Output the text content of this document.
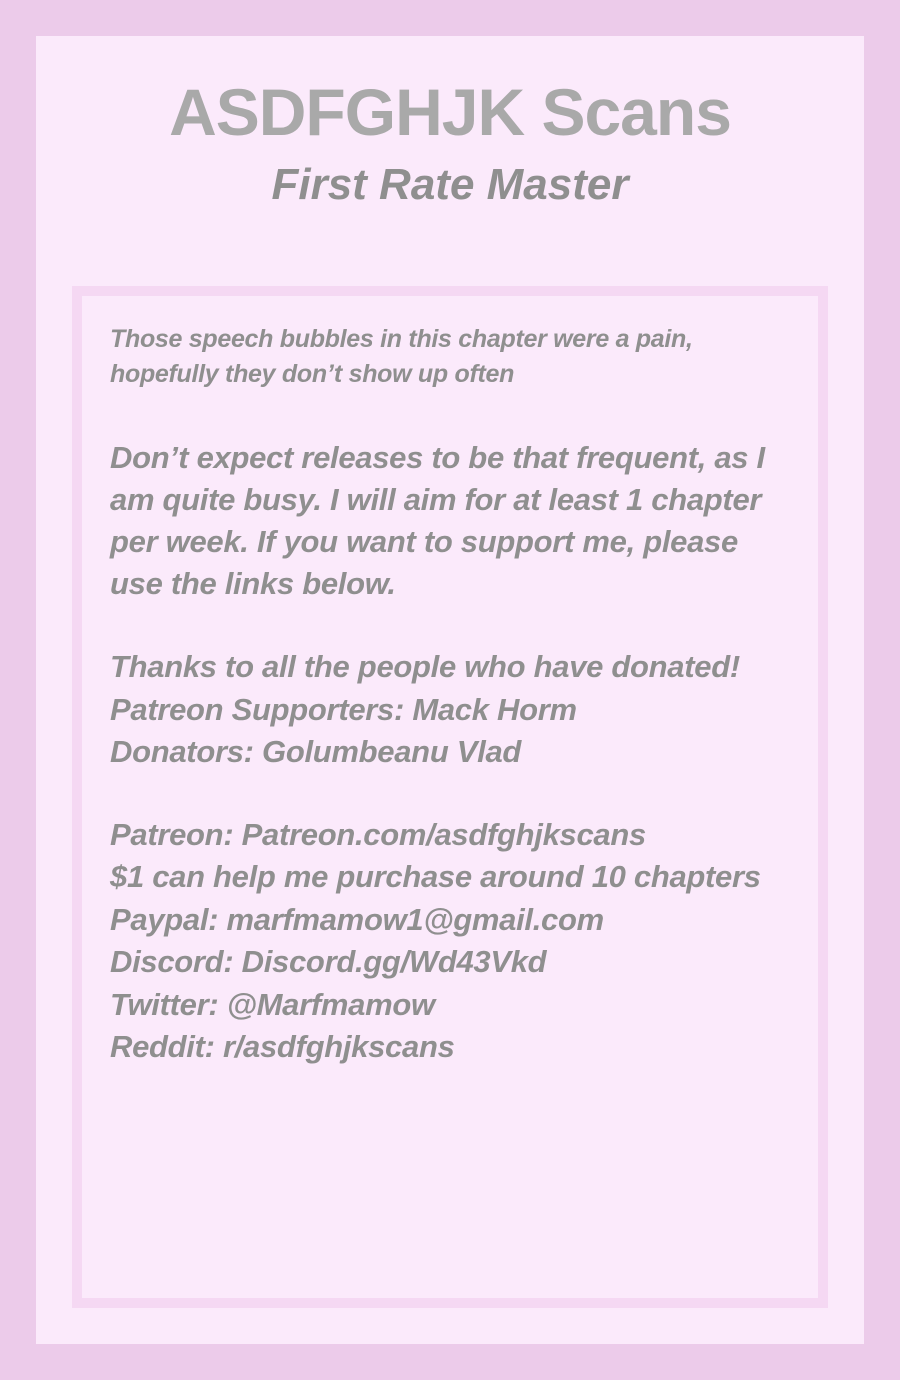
ASDFGHJK Scans
First Rate Master

Those speech bubbles in this chapter were a pain, hopefully they don’t show up often

Don’t expect releases to be that frequent, as I am quite busy. I will aim for at least 1 chapter per week. If you want to support me, please use the links below.

Thanks to all the people who have donated!

Patreon Supporters: Mack Horm

Donators: Golumbeanu Vlad

Patreon: Patreon.com/asdfghjkscans

$1 can help me purchase around 10 chapters

Paypal: marfmamow1@gmail.com

Discord: Discord.gg/Wd43Vkd

Twitter: @Marfmamow

Reddit: r/asdfghjkscans
